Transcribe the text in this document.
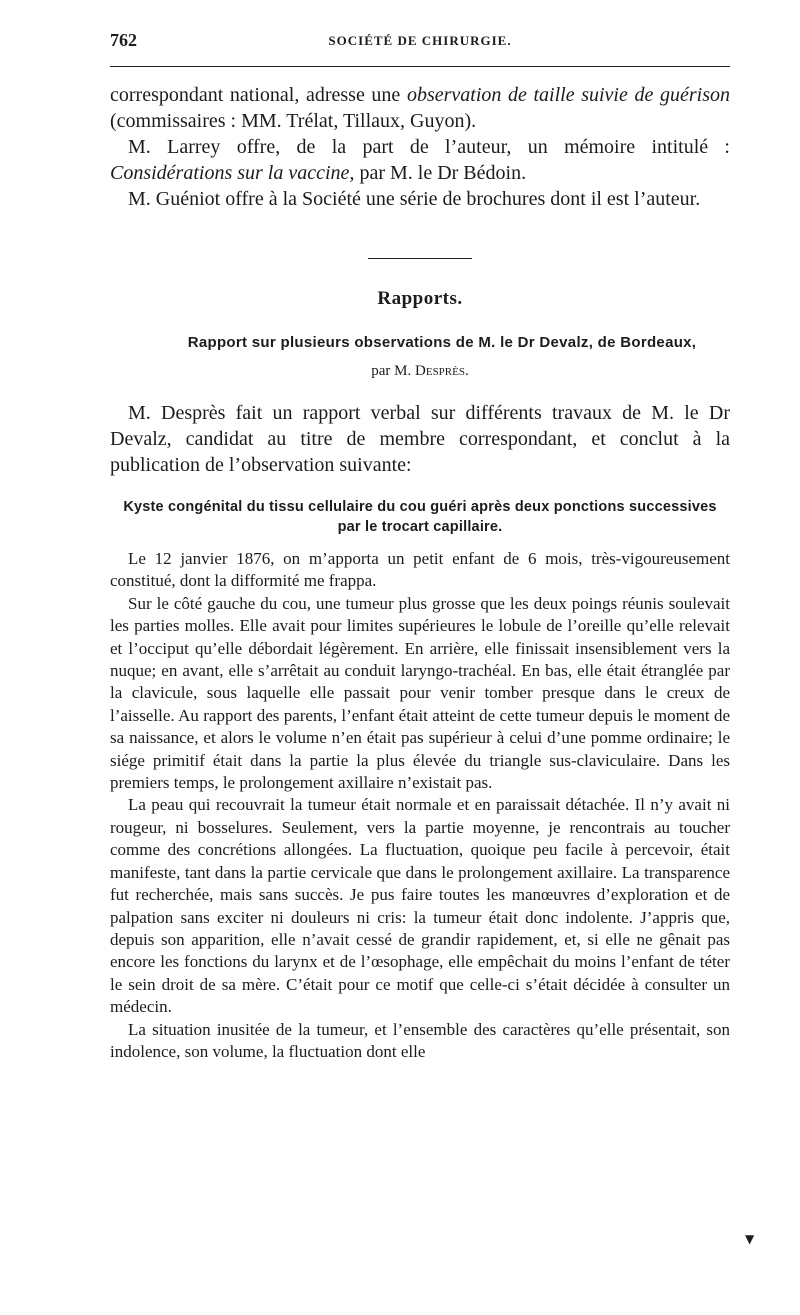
762	SOCIÉTÉ DE CHIRURGIE.

correspondant national, adresse une observation de taille suivie de guérison (commissaires : MM. Trélat, Tillaux, Guyon).

M. Larrey offre, de la part de l’auteur, un mémoire intitulé : Considérations sur la vaccine, par M. le Dr Bédoin.

M. Guéniot offre à la Société une série de brochures dont il est l’auteur.

Rapports.
Rapport sur plusieurs observations de M. le Dr Devalz, de Bordeaux,
par M. Desprès.

M. Desprès fait un rapport verbal sur différents travaux de M. le Dr Devalz, candidat au titre de membre correspondant, et conclut à la publication de l’observation suivante:

Kyste congénital du tissu cellulaire du cou guéri après deux ponctions successives par le trocart capillaire.

Le 12 janvier 1876, on m’apporta un petit enfant de 6 mois, très-vigoureusement constitué, dont la difformité me frappa.

Sur le côté gauche du cou, une tumeur plus grosse que les deux poings réunis soulevait les parties molles. Elle avait pour limites supérieures le lobule de l’oreille qu’elle relevait et l’occiput qu’elle débordait légèrement. En arrière, elle finissait insensiblement vers la nuque; en avant, elle s’arrêtait au conduit laryngo-trachéal. En bas, elle était étranglée par la clavicule, sous laquelle elle passait pour venir tomber presque dans le creux de l’aisselle. Au rapport des parents, l’enfant était atteint de cette tumeur depuis le moment de sa naissance, et alors le volume n’en était pas supérieur à celui d’une pomme ordinaire; le siége primitif était dans la partie la plus élevée du triangle sus-claviculaire. Dans les premiers temps, le prolongement axillaire n’existait pas.

La peau qui recouvrait la tumeur était normale et en paraissait détachée. Il n’y avait ni rougeur, ni bosselures. Seulement, vers la partie moyenne, je rencontrais au toucher comme des concrétions allongées. La fluctuation, quoique peu facile à percevoir, était manifeste, tant dans la partie cervicale que dans le prolongement axillaire. La transparence fut recherchée, mais sans succès. Je pus faire toutes les manœuvres d’exploration et de palpation sans exciter ni douleurs ni cris: la tumeur était donc indolente. J’appris que, depuis son apparition, elle n’avait cessé de grandir rapidement, et, si elle ne gênait pas encore les fonctions du larynx et de l’œsophage, elle empêchait du moins l’enfant de téter le sein droit de sa mère. C’était pour ce motif que celle-ci s’était décidée à consulter un médecin.

La situation inusitée de la tumeur, et l’ensemble des caractères qu’elle présentait, son indolence, son volume, la fluctuation dont elle

▼
